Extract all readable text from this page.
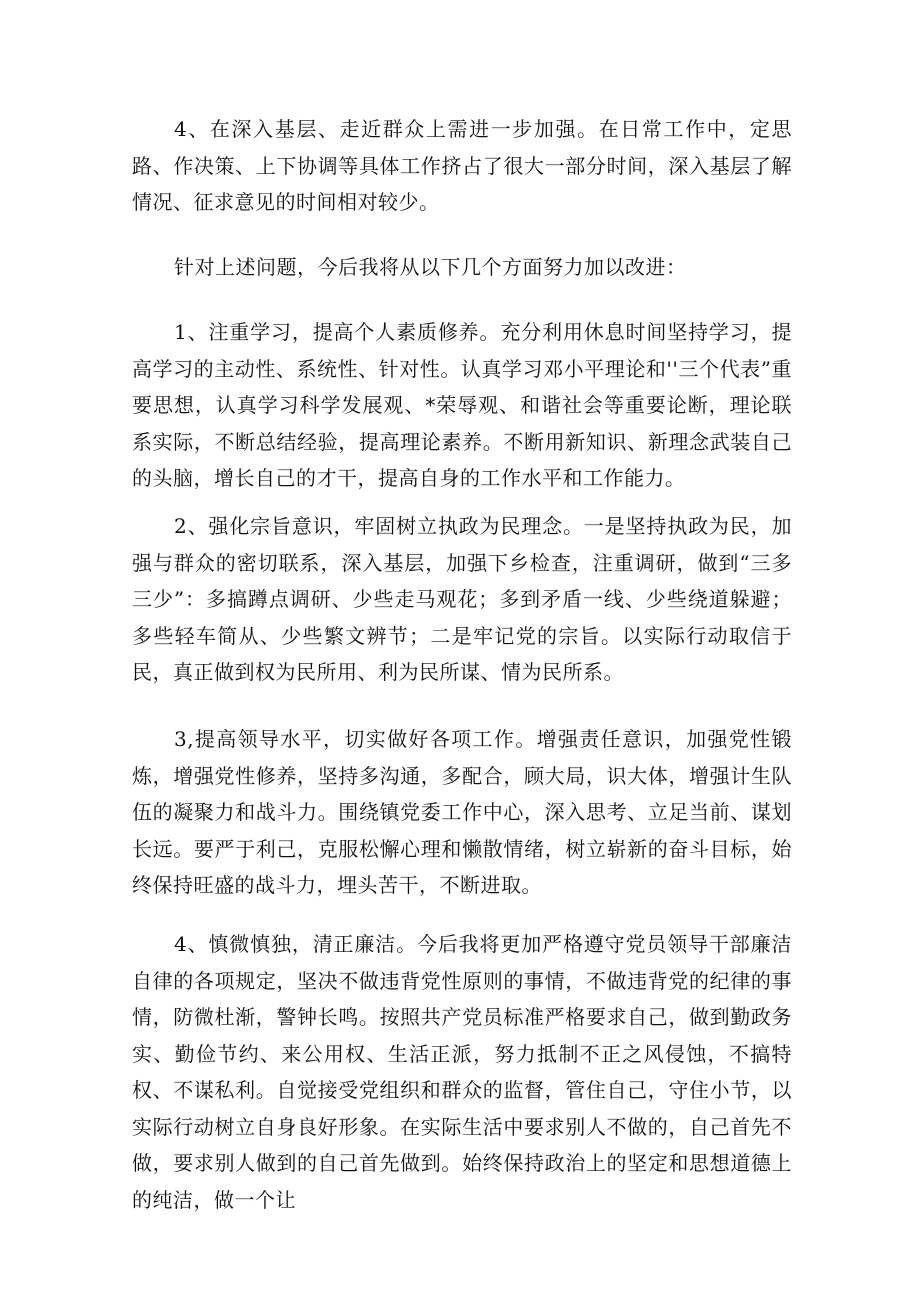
4、在深入基层、走近群众上需进一步加强。在日常工作中，定思路、作决策、上下协调等具体工作挤占了很大一部分时间，深入基层了解情况、征求意见的时间相对较少。

针对上述问题，今后我将从以下几个方面努力加以改进：

1、注重学习，提高个人素质修养。充分利用休息时间坚持学习，提高学习的主动性、系统性、针对性。认真学习邓小平理论和''三个代表”重要思想，认真学习科学发展观、*荣辱观、和谐社会等重要论断，理论联系实际，不断总结经验，提高理论素养。不断用新知识、新理念武装自己的头脑，增长自己的才干，提高自身的工作水平和工作能力。

2、强化宗旨意识，牢固树立执政为民理念。一是坚持执政为民，加强与群众的密切联系，深入基层，加强下乡检查，注重调研，做到“三多三少”：多搞蹲点调研、少些走马观花；多到矛盾一线、少些绕道躲避；多些轻车简从、少些繁文辨节；二是牢记党的宗旨。以实际行动取信于民，真正做到权为民所用、利为民所谋、情为民所系。

3,提高领导水平，切实做好各项工作。增强责任意识，加强党性锻炼，增强党性修养，坚持多沟通，多配合，顾大局，识大体，增强计生队伍的凝聚力和战斗力。围绕镇党委工作中心，深入思考、立足当前、谋划长远。要严于利己，克服松懈心理和懒散情绪，树立崭新的奋斗目标，始终保持旺盛的战斗力，埋头苦干，不断进取。

4、慎微慎独，清正廉洁。今后我将更加严格遵守党员领导干部廉洁自律的各项规定，坚决不做违背党性原则的事情，不做违背党的纪律的事情，防微杜渐，警钟长鸣。按照共产党员标准严格要求自己，做到勤政务实、勤俭节约、来公用权、生活正派，努力抵制不正之风侵蚀，不搞特权、不谋私利。自觉接受党组织和群众的监督，管住自己，守住小节，以实际行动树立自身良好形象。在实际生活中要求别人不做的，自己首先不做，要求别人做到的自己首先做到。始终保持政治上的坚定和思想道德上的纯洁，做一个让
